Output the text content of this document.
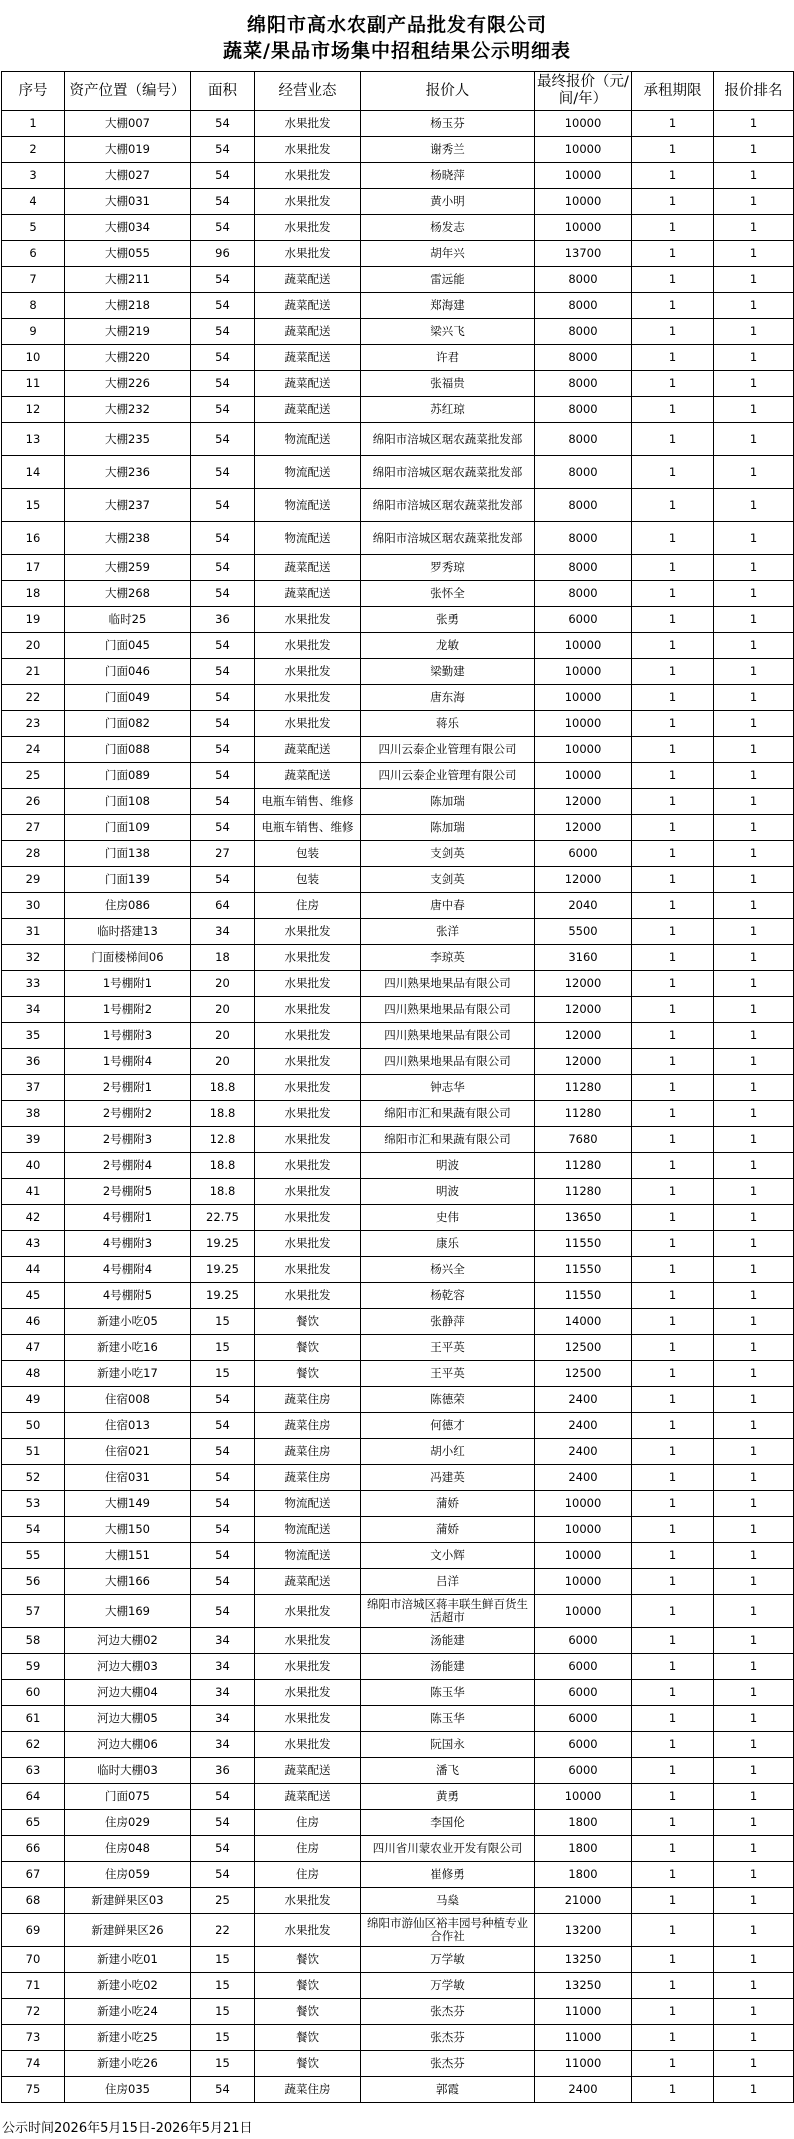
绵阳市高水农副产品批发有限公司
蔬菜/果品市场集中招租结果公示明细表
序号	资产位置（编号）	面积	经营业态	报价人	最终报价（元/间/年）	承租期限	报价排名
1	大棚007	54	水果批发	杨玉芬	10000	1	1
2	大棚019	54	水果批发	谢秀兰	10000	1	1
3	大棚027	54	水果批发	杨晓萍	10000	1	1
4	大棚031	54	水果批发	黄小明	10000	1	1
5	大棚034	54	水果批发	杨发志	10000	1	1
6	大棚055	96	水果批发	胡年兴	13700	1	1
7	大棚211	54	蔬菜配送	雷远能	8000	1	1
8	大棚218	54	蔬菜配送	郑海建	8000	1	1
9	大棚219	54	蔬菜配送	梁兴飞	8000	1	1
10	大棚220	54	蔬菜配送	许君	8000	1	1
11	大棚226	54	蔬菜配送	张福贵	8000	1	1
12	大棚232	54	蔬菜配送	苏红琼	8000	1	1
13	大棚235	54	物流配送	绵阳市涪城区琚农蔬菜批发部	8000	1	1
14	大棚236	54	物流配送	绵阳市涪城区琚农蔬菜批发部	8000	1	1
15	大棚237	54	物流配送	绵阳市涪城区琚农蔬菜批发部	8000	1	1
16	大棚238	54	物流配送	绵阳市涪城区琚农蔬菜批发部	8000	1	1
17	大棚259	54	蔬菜配送	罗秀琼	8000	1	1
18	大棚268	54	蔬菜配送	张怀全	8000	1	1
19	临时25	36	水果批发	张勇	6000	1	1
20	门面045	54	水果批发	龙敏	10000	1	1
21	门面046	54	水果批发	梁勤建	10000	1	1
22	门面049	54	水果批发	唐东海	10000	1	1
23	门面082	54	水果批发	蒋乐	10000	1	1
24	门面088	54	蔬菜配送	四川云泰企业管理有限公司	10000	1	1
25	门面089	54	蔬菜配送	四川云泰企业管理有限公司	10000	1	1
26	门面108	54	电瓶车销售、维修	陈加瑞	12000	1	1
27	门面109	54	电瓶车销售、维修	陈加瑞	12000	1	1
28	门面138	27	包装	支剑英	6000	1	1
29	门面139	54	包装	支剑英	12000	1	1
30	住房086	64	住房	唐中春	2040	1	1
31	临时搭建13	34	水果批发	张洋	5500	1	1
32	门面楼梯间06	18	水果批发	李琼英	3160	1	1
33	1号棚附1	20	水果批发	四川熟果地果品有限公司	12000	1	1
34	1号棚附2	20	水果批发	四川熟果地果品有限公司	12000	1	1
35	1号棚附3	20	水果批发	四川熟果地果品有限公司	12000	1	1
36	1号棚附4	20	水果批发	四川熟果地果品有限公司	12000	1	1
37	2号棚附1	18.8	水果批发	钟志华	11280	1	1
38	2号棚附2	18.8	水果批发	绵阳市汇和果蔬有限公司	11280	1	1
39	2号棚附3	12.8	水果批发	绵阳市汇和果蔬有限公司	7680	1	1
40	2号棚附4	18.8	水果批发	明波	11280	1	1
41	2号棚附5	18.8	水果批发	明波	11280	1	1
42	4号棚附1	22.75	水果批发	史伟	13650	1	1
43	4号棚附3	19.25	水果批发	康乐	11550	1	1
44	4号棚附4	19.25	水果批发	杨兴全	11550	1	1
45	4号棚附5	19.25	水果批发	杨乾容	11550	1	1
46	新建小吃05	15	餐饮	张静萍	14000	1	1
47	新建小吃16	15	餐饮	王平英	12500	1	1
48	新建小吃17	15	餐饮	王平英	12500	1	1
49	住宿008	54	蔬菜住房	陈德荣	2400	1	1
50	住宿013	54	蔬菜住房	何德才	2400	1	1
51	住宿021	54	蔬菜住房	胡小红	2400	1	1
52	住宿031	54	蔬菜住房	冯建英	2400	1	1
53	大棚149	54	物流配送	蒲娇	10000	1	1
54	大棚150	54	物流配送	蒲娇	10000	1	1
55	大棚151	54	物流配送	文小辉	10000	1	1
56	大棚166	54	蔬菜配送	吕洋	10000	1	1
57	大棚169	54	水果批发	绵阳市涪城区蒋丰联生鲜百货生活超市	10000	1	1
58	河边大棚02	34	水果批发	汤能建	6000	1	1
59	河边大棚03	34	水果批发	汤能建	6000	1	1
60	河边大棚04	34	水果批发	陈玉华	6000	1	1
61	河边大棚05	34	水果批发	陈玉华	6000	1	1
62	河边大棚06	34	水果批发	阮国永	6000	1	1
63	临时大棚03	36	蔬菜配送	潘飞	6000	1	1
64	门面075	54	蔬菜配送	黄勇	10000	1	1
65	住房029	54	住房	李国伦	1800	1	1
66	住房048	54	住房	四川省川蒙农业开发有限公司	1800	1	1
67	住房059	54	住房	崔修勇	1800	1	1
68	新建鲜果区03	25	水果批发	马燊	21000	1	1
69	新建鲜果区26	22	水果批发	绵阳市游仙区裕丰园号种植专业合作社	13200	1	1
70	新建小吃01	15	餐饮	万学敏	13250	1	1
71	新建小吃02	15	餐饮	万学敏	13250	1	1
72	新建小吃24	15	餐饮	张杰芬	11000	1	1
73	新建小吃25	15	餐饮	张杰芬	11000	1	1
74	新建小吃26	15	餐饮	张杰芬	11000	1	1
75	住房035	54	蔬菜住房	郭霞	2400	1	1
公示时间2026年5月15日-2026年5月21日
